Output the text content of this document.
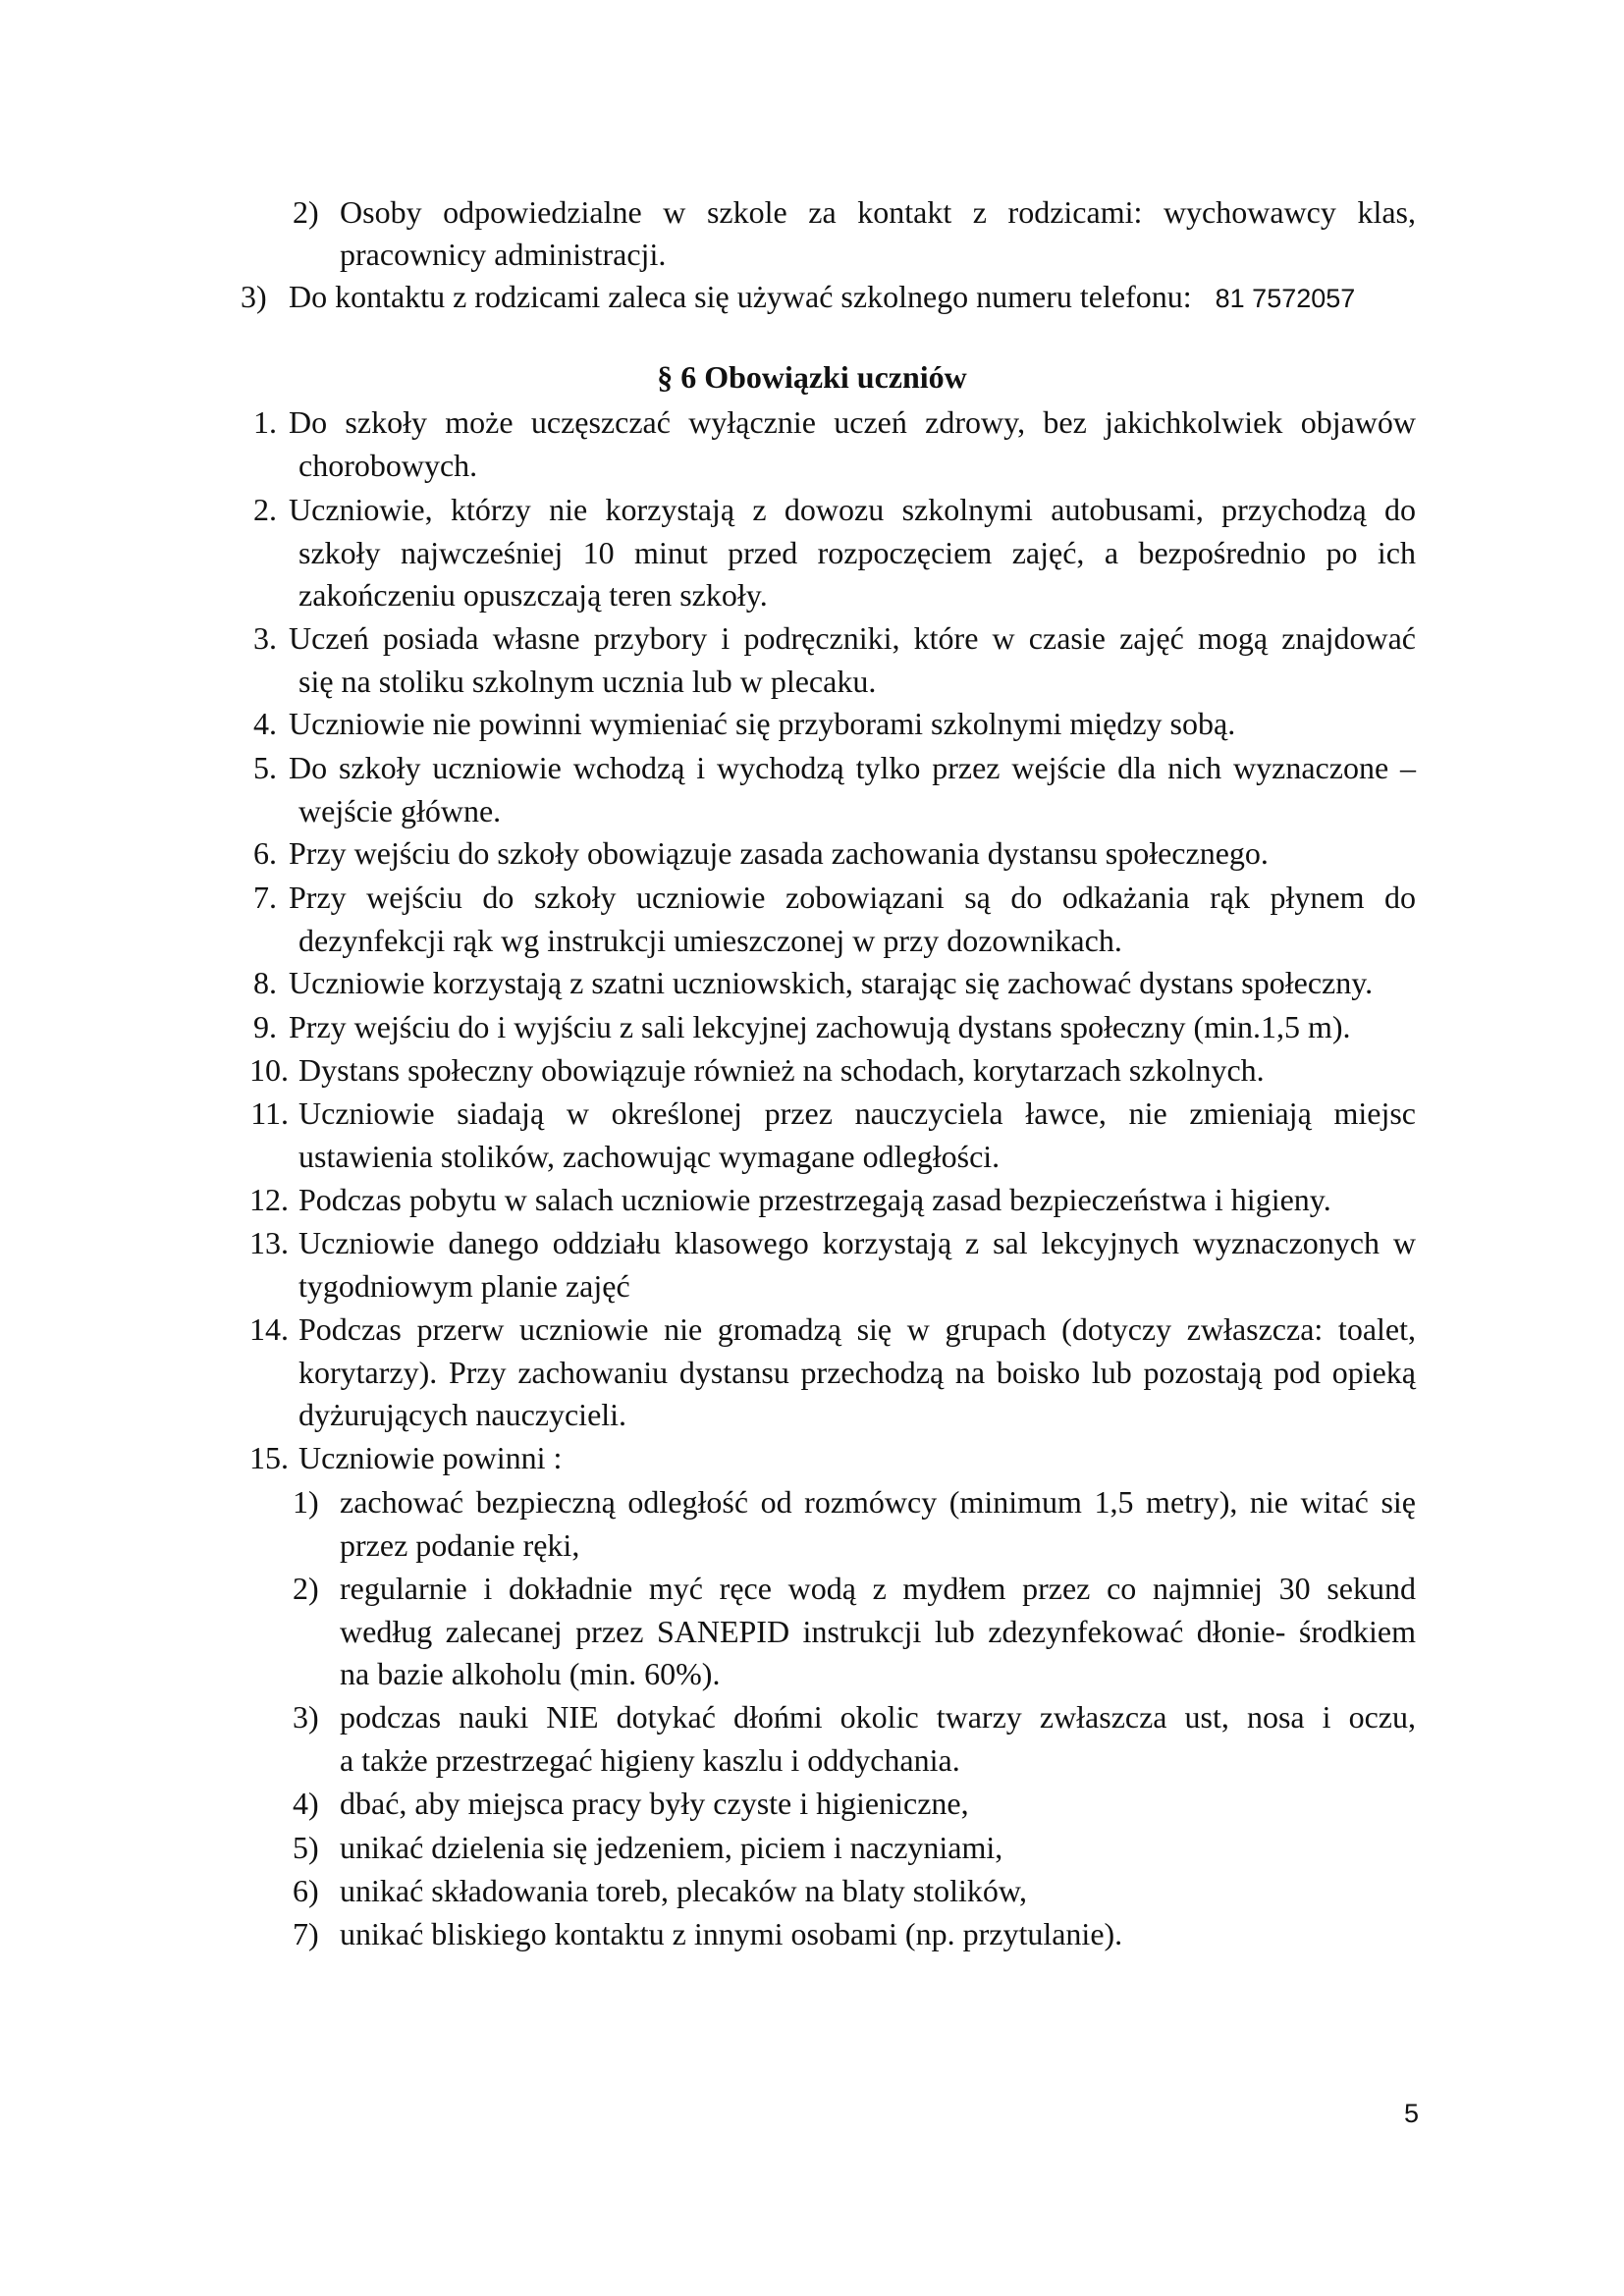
2) Osoby odpowiedzialne w szkole za kontakt z rodzicami: wychowawcy klas,
pracownicy administracji.
3) Do kontaktu z rodzicami zaleca się używać szkolnego numeru telefonu: 81 7572057
§ 6 Obowiązki uczniów
1. Do szkoły może uczęszczać wyłącznie uczeń zdrowy, bez jakichkolwiek objawów
chorobowych.
2. Uczniowie, którzy nie korzystają z dowozu szkolnymi autobusami, przychodzą do
szkoły najwcześniej 10 minut przed rozpoczęciem zajęć, a bezpośrednio po ich
zakończeniu opuszczają teren szkoły.
3. Uczeń posiada własne przybory i podręczniki, które w czasie zajęć mogą znajdować
się na stoliku szkolnym ucznia lub w plecaku.
4. Uczniowie nie powinni wymieniać się przyborami szkolnymi między sobą.
5. Do szkoły uczniowie wchodzą i wychodzą tylko przez wejście dla nich wyznaczone –
wejście główne.
6. Przy wejściu do szkoły obowiązuje zasada zachowania dystansu społecznego.
7. Przy wejściu do szkoły uczniowie zobowiązani są do odkażania rąk płynem do
dezynfekcji rąk wg instrukcji umieszczonej w przy dozownikach.
8. Uczniowie korzystają z szatni uczniowskich, starając się zachować dystans społeczny.
9. Przy wejściu do i wyjściu z sali lekcyjnej zachowują dystans społeczny (min.1,5 m).
10. Dystans społeczny obowiązuje również na schodach, korytarzach szkolnych.
11. Uczniowie siadają w określonej przez nauczyciela ławce, nie zmieniają miejsc
ustawienia stolików, zachowując wymagane odległości.
12. Podczas pobytu w salach uczniowie przestrzegają zasad bezpieczeństwa i higieny.
13. Uczniowie danego oddziału klasowego korzystają z sal lekcyjnych wyznaczonych w
tygodniowym planie zajęć
14. Podczas przerw uczniowie nie gromadzą się w grupach (dotyczy zwłaszcza: toalet,
korytarzy). Przy zachowaniu dystansu przechodzą na boisko lub pozostają pod opieką
dyżurujących nauczycieli.
15. Uczniowie powinni :
1) zachować bezpieczną odległość od rozmówcy (minimum 1,5 metry), nie witać się
przez podanie ręki,
2) regularnie i dokładnie myć ręce wodą z mydłem przez co najmniej 30 sekund
według zalecanej przez SANEPID instrukcji lub zdezynfekować dłonie- środkiem
na bazie alkoholu (min. 60%).
3) podczas nauki NIE dotykać dłońmi okolic twarzy zwłaszcza ust, nosa i oczu,
a także przestrzegać higieny kaszlu i oddychania.
4) dbać, aby miejsca pracy były czyste i higieniczne,
5) unikać dzielenia się jedzeniem, piciem i naczyniami,
6) unikać składowania toreb, plecaków na blaty stolików,
7) unikać bliskiego kontaktu z innymi osobami (np. przytulanie).
5
